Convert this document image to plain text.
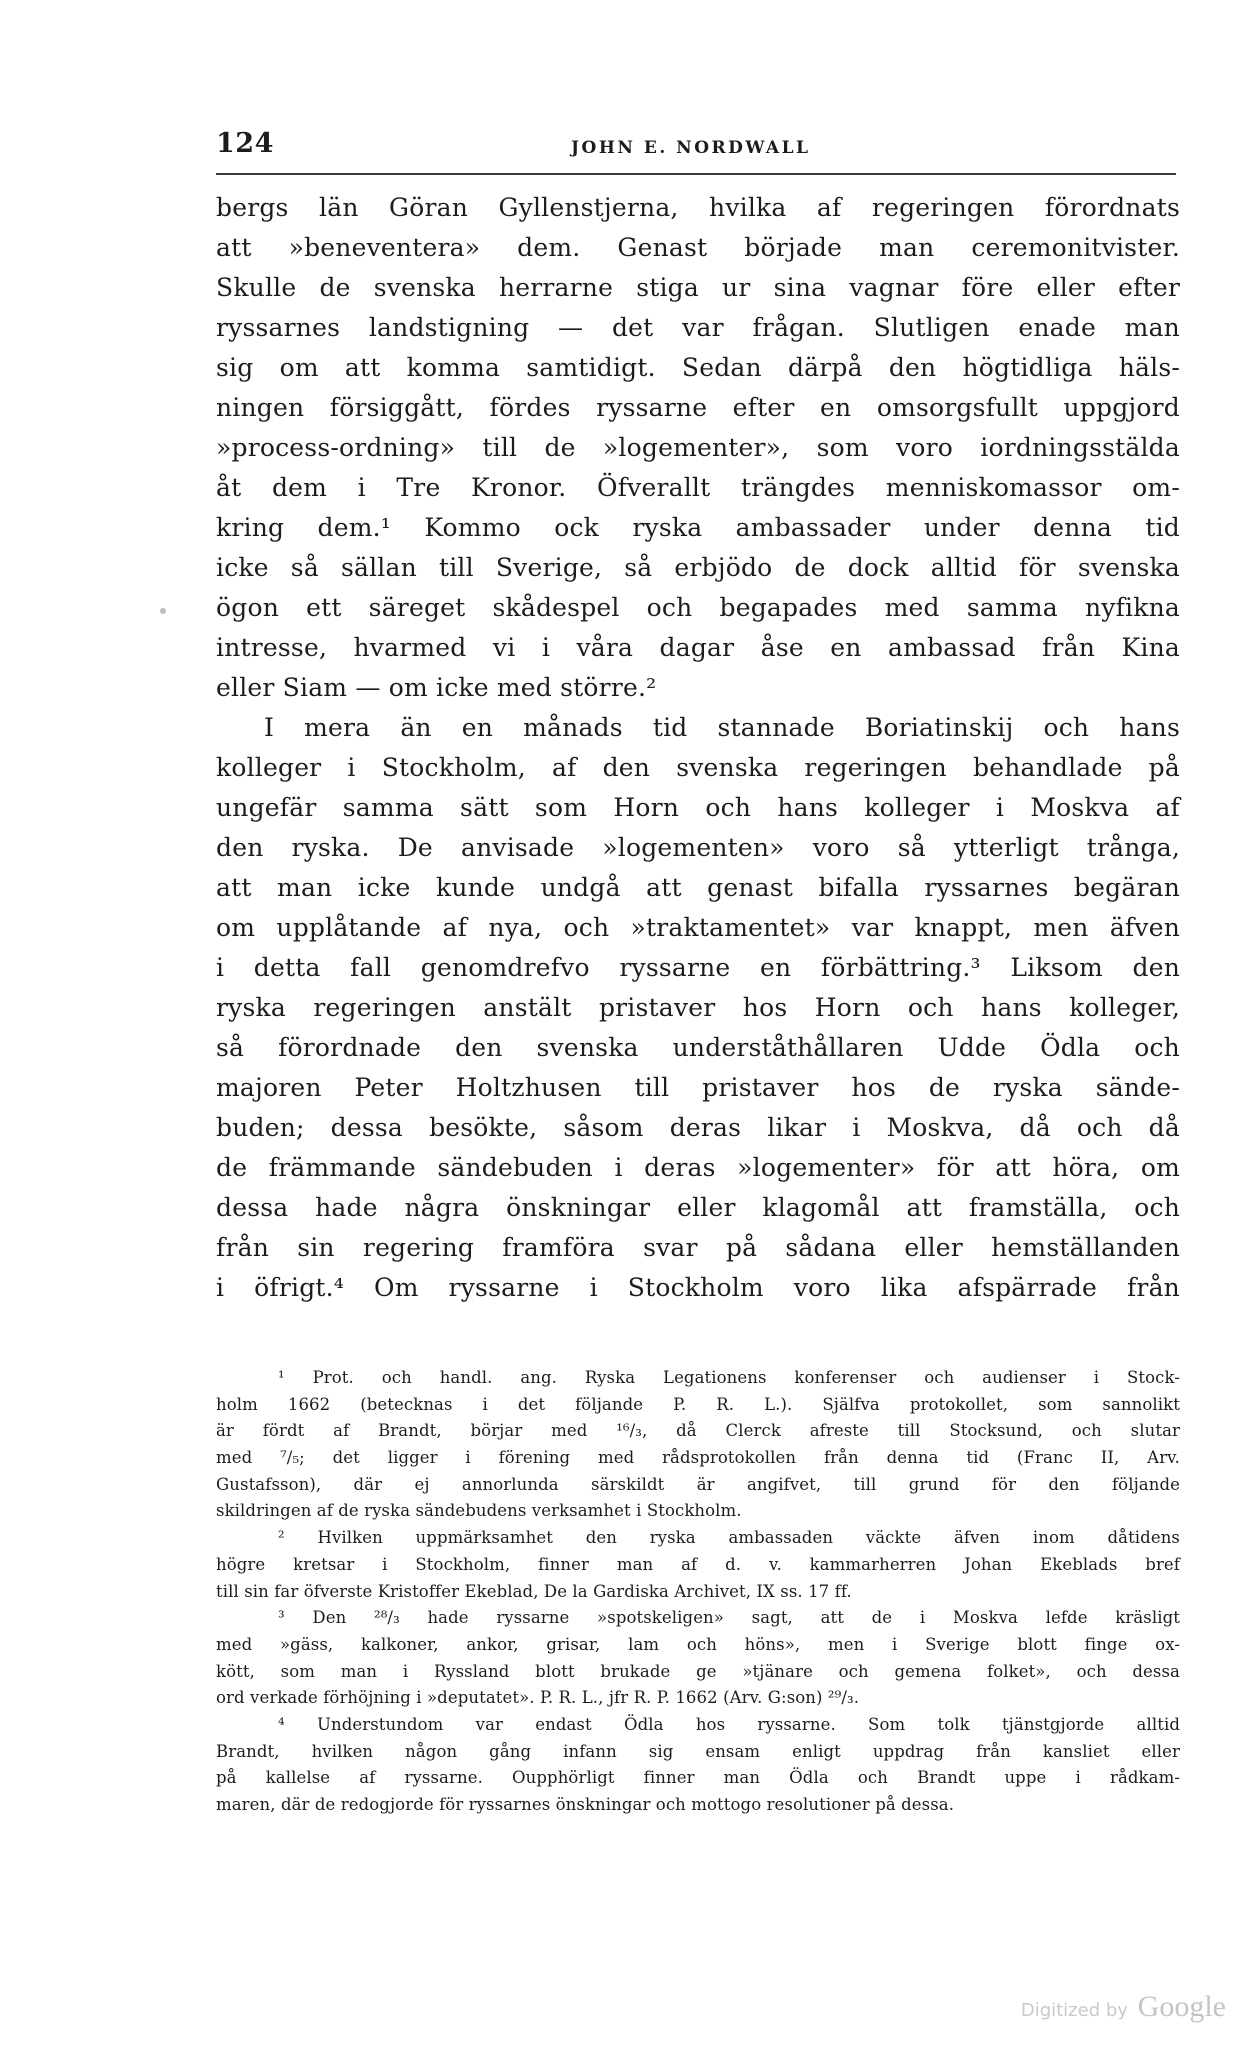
124	JOHN E. NORDWALL
bergs län Göran Gyllenstjerna, hvilka af regeringen förordnats
att »beneventera» dem. Genast började man ceremonitvister.
Skulle de svenska herrarne stiga ur sina vagnar före eller efter
ryssarnes landstigning — det var frågan. Slutligen enade man
sig om att komma samtidigt. Sedan därpå den högtidliga häls-
ningen försiggått, fördes ryssarne efter en omsorgsfullt uppgjord
»process-ordning» till de »logementer», som voro iordningsstälda
åt dem i Tre Kronor. Öfverallt trängdes menniskomassor om-
kring dem.¹ Kommo ock ryska ambassader under denna tid
icke så sällan till Sverige, så erbjödo de dock alltid för svenska
ögon ett säreget skådespel och begapades med samma nyfikna
intresse, hvarmed vi i våra dagar åse en ambassad från Kina
eller Siam — om icke med större.²
I mera än en månads tid stannade Boriatinskij och hans
kolleger i Stockholm, af den svenska regeringen behandlade på
ungefär samma sätt som Horn och hans kolleger i Moskva af
den ryska. De anvisade »logementen» voro så ytterligt trånga,
att man icke kunde undgå att genast bifalla ryssarnes begäran
om upplåtande af nya, och »traktamentet» var knappt, men äfven
i detta fall genomdrefvo ryssarne en förbättring.³ Liksom den
ryska regeringen anstält pristaver hos Horn och hans kolleger,
så förordnade den svenska underståthållaren Udde Ödla och
majoren Peter Holtzhusen till pristaver hos de ryska sände-
buden; dessa besökte, såsom deras likar i Moskva, då och då
de främmande sändebuden i deras »logementer» för att höra, om
dessa hade några önskningar eller klagomål att framställa, och
från sin regering framföra svar på sådana eller hemställanden
i öfrigt.⁴ Om ryssarne i Stockholm voro lika afspärrade från
¹ Prot. och handl. ang. Ryska Legationens konferenser och audienser i Stock-
holm 1662 (betecknas i det följande P. R. L.). Själfva protokollet, som sannolikt
är fördt af Brandt, börjar med ¹⁶/₃, då Clerck afreste till Stocksund, och slutar
med ⁷/₅; det ligger i förening med rådsprotokollen från denna tid (Franc II, Arv.
Gustafsson), där ej annorlunda särskildt är angifvet, till grund för den följande
skildringen af de ryska sändebudens verksamhet i Stockholm.
² Hvilken uppmärksamhet den ryska ambassaden väckte äfven inom dåtidens
högre kretsar i Stockholm, finner man af d. v. kammarherren Johan Ekeblads bref
till sin far öfverste Kristoffer Ekeblad, De la Gardiska Archivet, IX ss. 17 ff.
³ Den ²⁸/₃ hade ryssarne »spotskeligen» sagt, att de i Moskva lefde kräsligt
med »gäss, kalkoner, ankor, grisar, lam och höns», men i Sverige blott finge ox-
kött, som man i Ryssland blott brukade ge »tjänare och gemena folket», och dessa
ord verkade förhöjning i »deputatet». P. R. L., jfr R. P. 1662 (Arv. G:son) ²⁹/₃.
⁴ Understundom var endast Ödla hos ryssarne. Som tolk tjänstgjorde alltid
Brandt, hvilken någon gång infann sig ensam enligt uppdrag från kansliet eller
på kallelse af ryssarne. Oupphörligt finner man Ödla och Brandt uppe i rådkam-
maren, där de redogjorde för ryssarnes önskningar och mottogo resolutioner på dessa.
Digitized by Google
